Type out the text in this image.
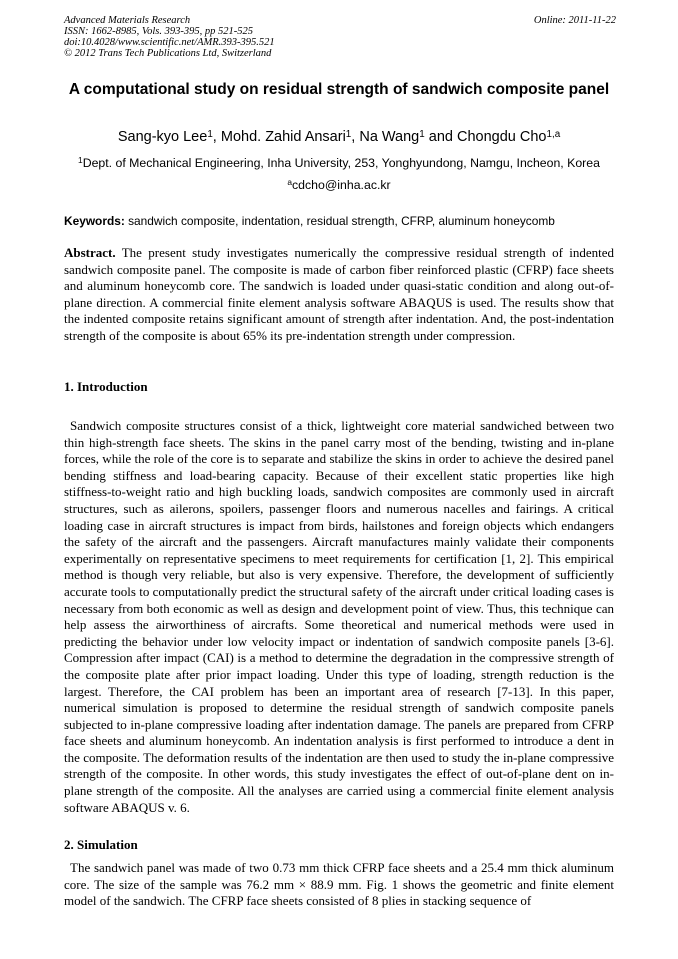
Advanced Materials Research
ISSN: 1662-8985, Vols. 393-395, pp 521-525
doi:10.4028/www.scientific.net/AMR.393-395.521
© 2012 Trans Tech Publications Ltd, Switzerland
Online: 2011-11-22
A computational study on residual strength of sandwich composite panel
Sang-kyo Lee$^1$, Mohd. Zahid Ansari$^1$, Na Wang$^1$ and Chongdu Cho$^{1,a}$
$^1$Dept. of Mechanical Engineering, Inha University, 253, Yonghyundong, Namgu, Incheon, Korea
$^a$cdcho@inha.ac.kr
Keywords: sandwich composite, indentation, residual strength, CFRP, aluminum honeycomb
Abstract. The present study investigates numerically the compressive residual strength of indented sandwich composite panel. The composite is made of carbon fiber reinforced plastic (CFRP) face sheets and aluminum honeycomb core. The sandwich is loaded under quasi-static condition and along out-of-plane direction. A commercial finite element analysis software ABAQUS is used. The results show that the indented composite retains significant amount of strength after indentation. And, the post-indentation strength of the composite is about 65% its pre-indentation strength under compression.
1. Introduction
Sandwich composite structures consist of a thick, lightweight core material sandwiched between two thin high-strength face sheets. The skins in the panel carry most of the bending, twisting and in-plane forces, while the role of the core is to separate and stabilize the skins in order to achieve the desired panel bending stiffness and load-bearing capacity. Because of their excellent static properties like high stiffness-to-weight ratio and high buckling loads, sandwich composites are commonly used in aircraft structures, such as ailerons, spoilers, passenger floors and numerous nacelles and fairings. A critical loading case in aircraft structures is impact from birds, hailstones and foreign objects which endangers the safety of the aircraft and the passengers. Aircraft manufactures mainly validate their components experimentally on representative specimens to meet requirements for certification [1, 2]. This empirical method is though very reliable, but also is very expensive. Therefore, the development of sufficiently accurate tools to computationally predict the structural safety of the aircraft under critical loading cases is necessary from both economic as well as design and development point of view. Thus, this technique can help assess the airworthiness of aircrafts. Some theoretical and numerical methods were used in predicting the behavior under low velocity impact or indentation of sandwich composite panels [3-6]. Compression after impact (CAI) is a method to determine the degradation in the compressive strength of the composite plate after prior impact loading. Under this type of loading, strength reduction is the largest. Therefore, the CAI problem has been an important area of research [7-13]. In this paper, numerical simulation is proposed to determine the residual strength of sandwich composite panels subjected to in-plane compressive loading after indentation damage. The panels are prepared from CFRP face sheets and aluminum honeycomb. An indentation analysis is first performed to introduce a dent in the composite. The deformation results of the indentation are then used to study the in-plane compressive strength of the composite. In other words, this study investigates the effect of out-of-plane dent on in-plane strength of the composite. All the analyses are carried using a commercial finite element analysis software ABAQUS v. 6.
2. Simulation
The sandwich panel was made of two 0.73 mm thick CFRP face sheets and a 25.4 mm thick aluminum core. The size of the sample was 76.2 mm × 88.9 mm. Fig. 1 shows the geometric and finite element model of the sandwich. The CFRP face sheets consisted of 8 plies in stacking sequence of
